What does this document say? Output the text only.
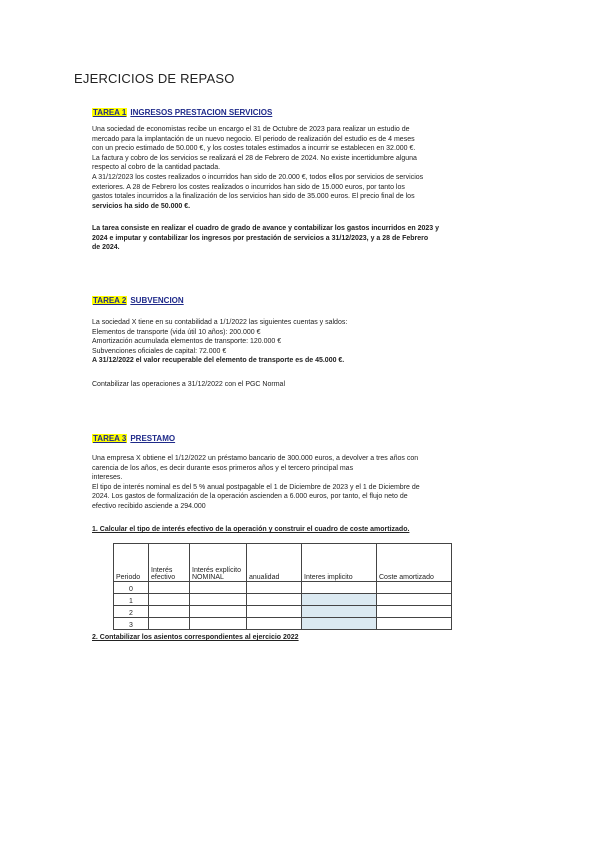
EJERCICIOS DE REPASO
TAREA 1 INGRESOS PRESTACION SERVICIOS

Una sociedad de economistas recibe un encargo el 31 de Octubre de 2023 para realizar un estudio de

mercado para la implantación de un nuevo negocio. El periodo de realización del estudio es de 4 meses

con un precio estimado de 50.000 €, y los costes totales estimados a incurrir se establecen en 32.000 €.

La factura y cobro de los servicios se realizará el 28 de Febrero de 2024. No existe incertidumbre alguna

respecto al cobro de la cantidad pactada.

A 31/12/2023 los costes realizados o incurridos han sido de 20.000 €, todos ellos por servicios de servicios

exteriores. A 28 de Febrero los costes realizados o incurridos han sido de 15.000 euros, por tanto los

gastos totales incurridos a la finalización de los servicios han sido de 35.000 euros. El precio final de los

servicios ha sido de 50.000 €.

La tarea consiste en realizar el cuadro de grado de avance y contabilizar los gastos incurridos en 2023 y

2024 e imputar y contabilizar los ingresos por prestación de servicios a 31/12/2023, y a 28 de Febrero

de 2024.

TAREA 2 SUBVENCION

La sociedad X tiene en su contabilidad a 1/1/2022 las siguientes cuentas y saldos:

Elementos de transporte (vida útil 10 años): 200.000 €

Amortización acumulada elementos de transporte: 120.000 €

Subvenciones oficiales de capital: 72.000 €

A 31/12/2022 el valor recuperable del elemento de transporte es de 45.000 €.

Contabilizar las operaciones a 31/12/2022 con el PGC Normal

TAREA 3 PRESTAMO

Una empresa X obtiene el 1/12/2022 un préstamo bancario de 300.000 euros, a devolver a tres años con

carencia de los años, es decir durante esos primeros años y el tercero principal mas

intereses.

El tipo de interés nominal es del 5 % anual postpagable el 1 de Diciembre de 2023 y el 1 de Diciembre de

2024. Los gastos de formalización de la operación ascienden a 6.000 euros, por tanto, el flujo neto de

efectivo recibido asciende a 294.000

1. Calcular el tipo de interés efectivo de la operación y construir el cuadro de coste amortizado.
Periodo	Interés efectivo	Interés explícito NOMINAL	anualidad	Interes implicito	Coste amortizado
0					
1					
2					
3					
2. Contabilizar los asientos correspondientes al ejercicio 2022
